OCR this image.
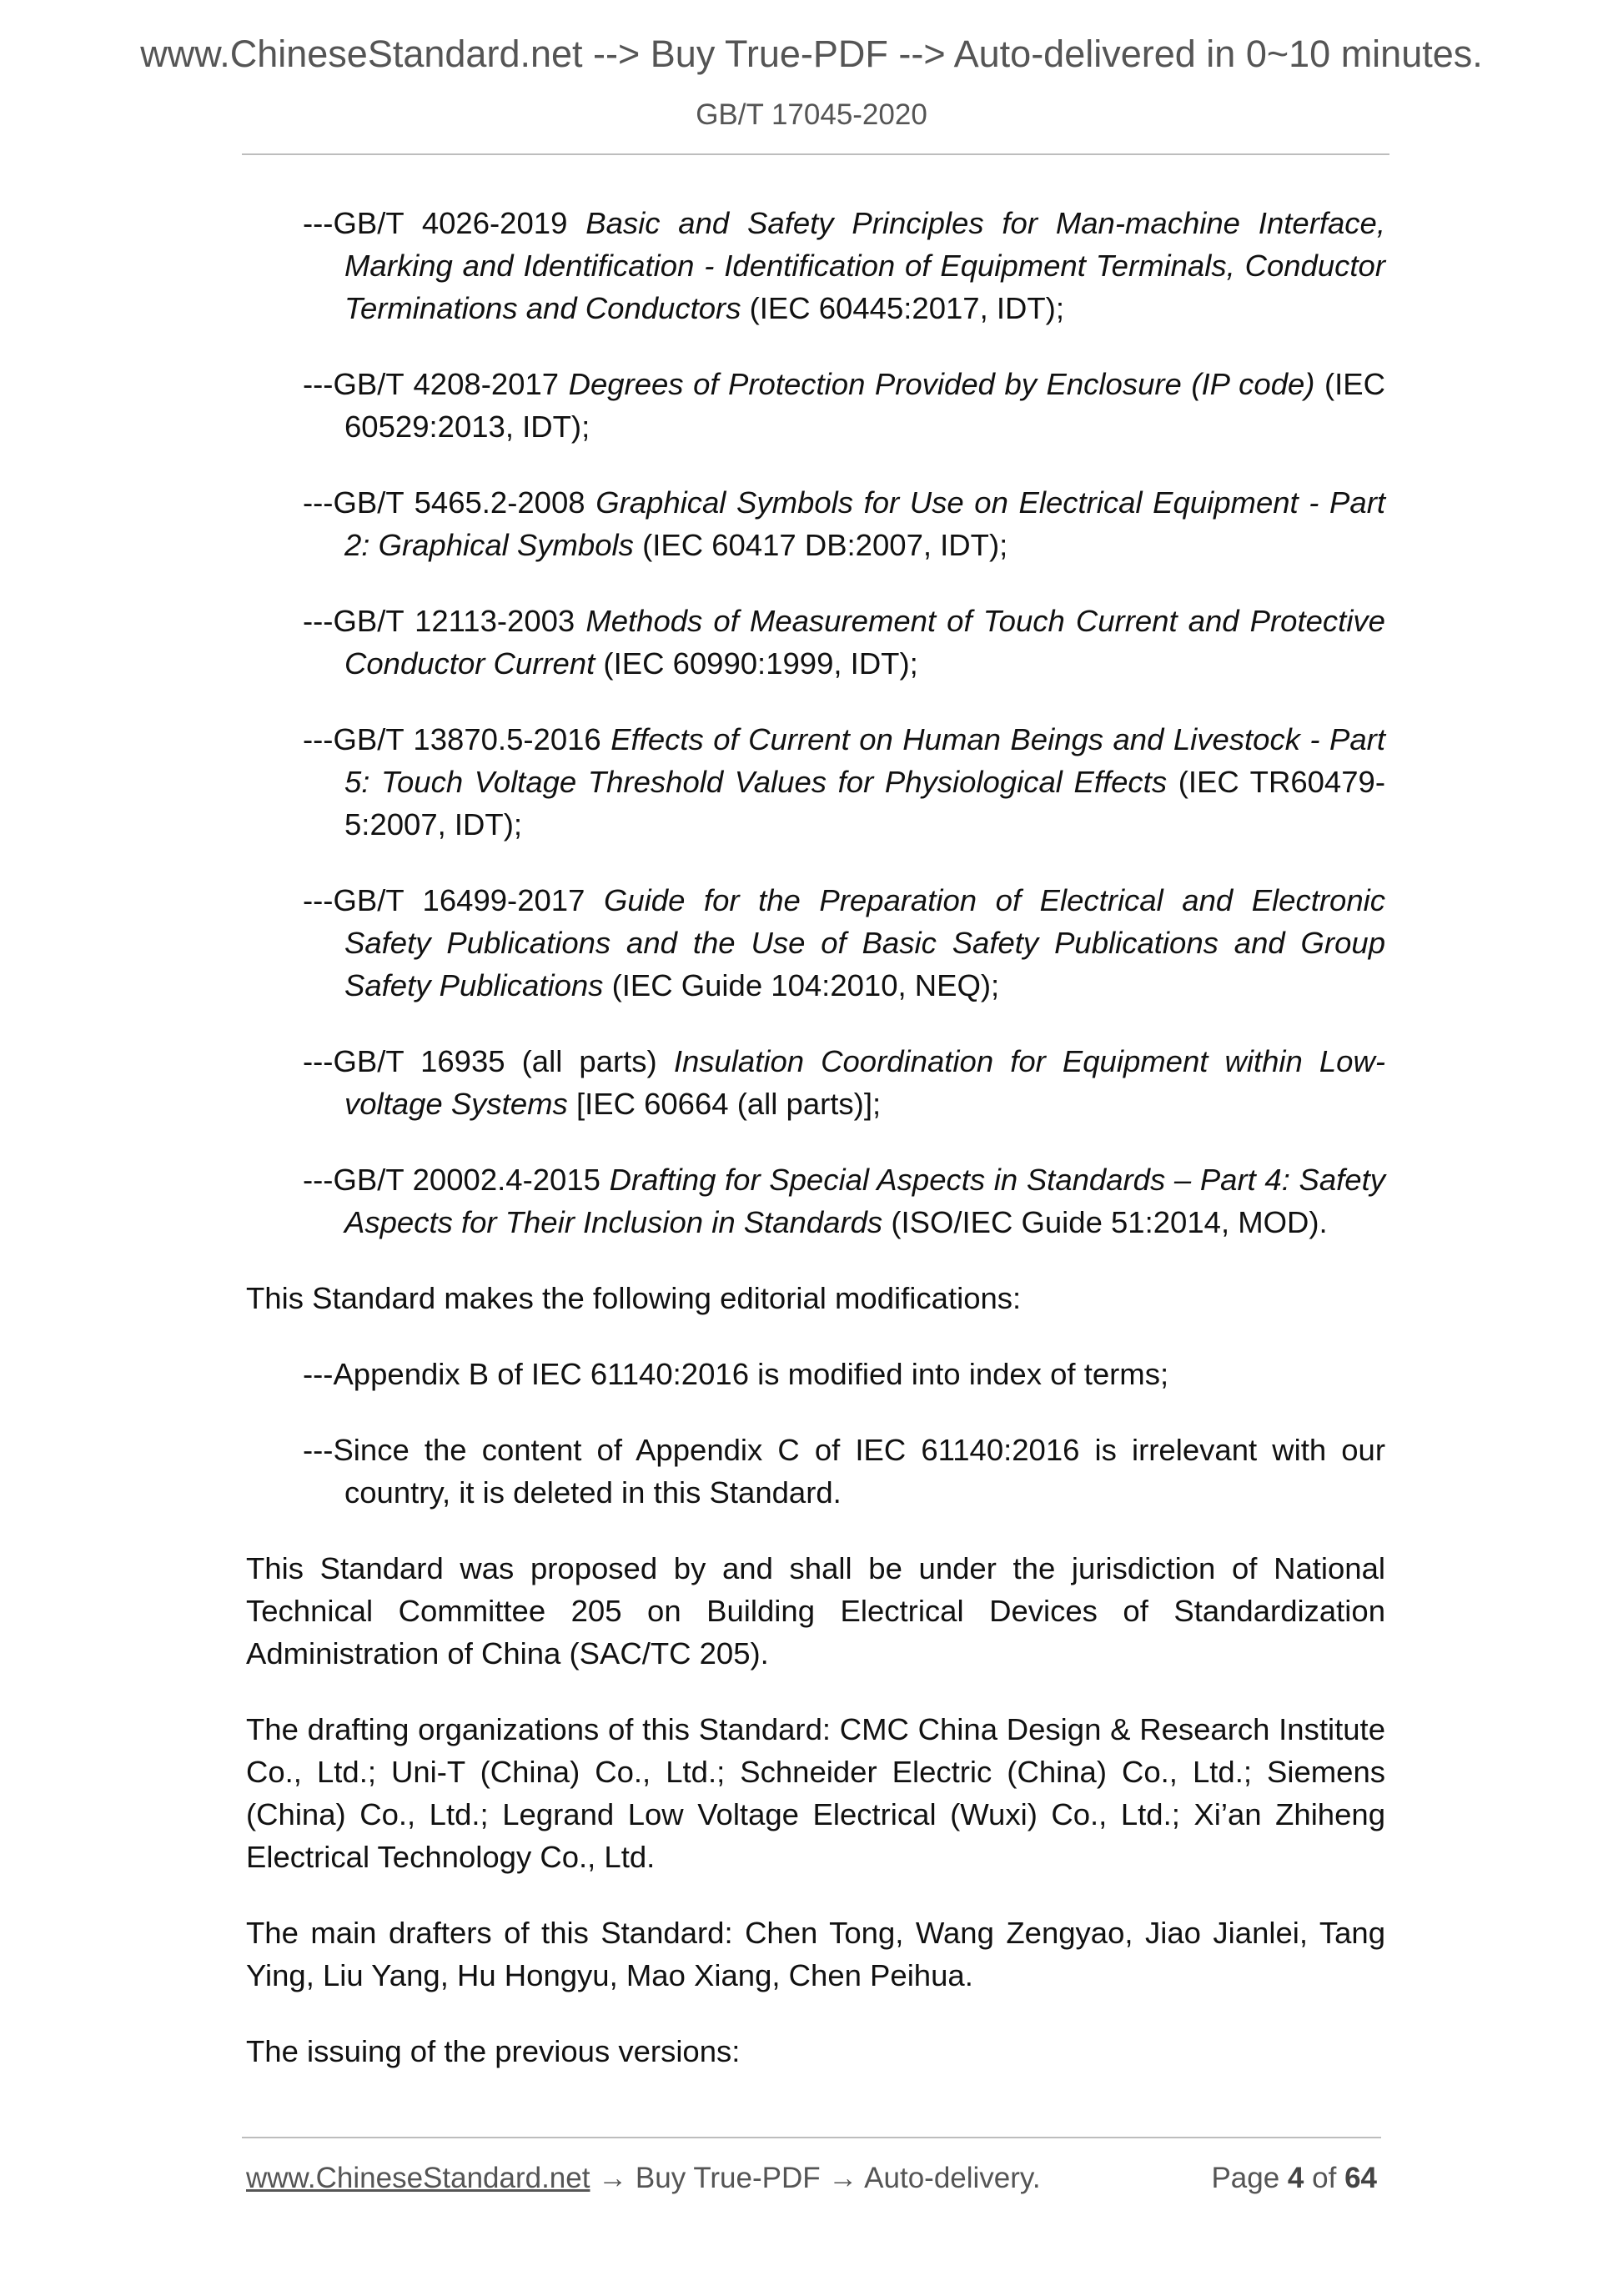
www.ChineseStandard.net --> Buy True-PDF --> Auto-delivered in 0~10 minutes.
GB/T 17045-2020

---GB/T 4026-2019 Basic and Safety Principles for Man-machine Interface, Marking and Identification - Identification of Equipment Terminals, Conductor Terminations and Conductors (IEC 60445:2017, IDT);

---GB/T 4208-2017 Degrees of Protection Provided by Enclosure (IP code) (IEC 60529:2013, IDT);

---GB/T 5465.2-2008 Graphical Symbols for Use on Electrical Equipment - Part 2: Graphical Symbols (IEC 60417 DB:2007, IDT);

---GB/T 12113-2003 Methods of Measurement of Touch Current and Protective Conductor Current (IEC 60990:1999, IDT);

---GB/T 13870.5-2016 Effects of Current on Human Beings and Livestock - Part 5: Touch Voltage Threshold Values for Physiological Effects (IEC TR60479-5:2007, IDT);

---GB/T 16499-2017 Guide for the Preparation of Electrical and Electronic Safety Publications and the Use of Basic Safety Publications and Group Safety Publications (IEC Guide 104:2010, NEQ);

---GB/T 16935 (all parts) Insulation Coordination for Equipment within Low-voltage Systems [IEC 60664 (all parts)];

---GB/T 20002.4-2015 Drafting for Special Aspects in Standards – Part 4: Safety Aspects for Their Inclusion in Standards (ISO/IEC Guide 51:2014, MOD).

This Standard makes the following editorial modifications:

---Appendix B of IEC 61140:2016 is modified into index of terms;

---Since the content of Appendix C of IEC 61140:2016 is irrelevant with our country, it is deleted in this Standard.

This Standard was proposed by and shall be under the jurisdiction of National Technical Committee 205 on Building Electrical Devices of Standardization Administration of China (SAC/TC 205).

The drafting organizations of this Standard: CMC China Design & Research Institute Co., Ltd.; Uni-T (China) Co., Ltd.; Schneider Electric (China) Co., Ltd.; Siemens (China) Co., Ltd.; Legrand Low Voltage Electrical (Wuxi) Co., Ltd.; Xi’an Zhiheng Electrical Technology Co., Ltd.

The main drafters of this Standard: Chen Tong, Wang Zengyao, Jiao Jianlei, Tang Ying, Liu Yang, Hu Hongyu, Mao Xiang, Chen Peihua.

The issuing of the previous versions:

www.ChineseStandard.net → Buy True-PDF → Auto-delivery.	Page 4 of 64
